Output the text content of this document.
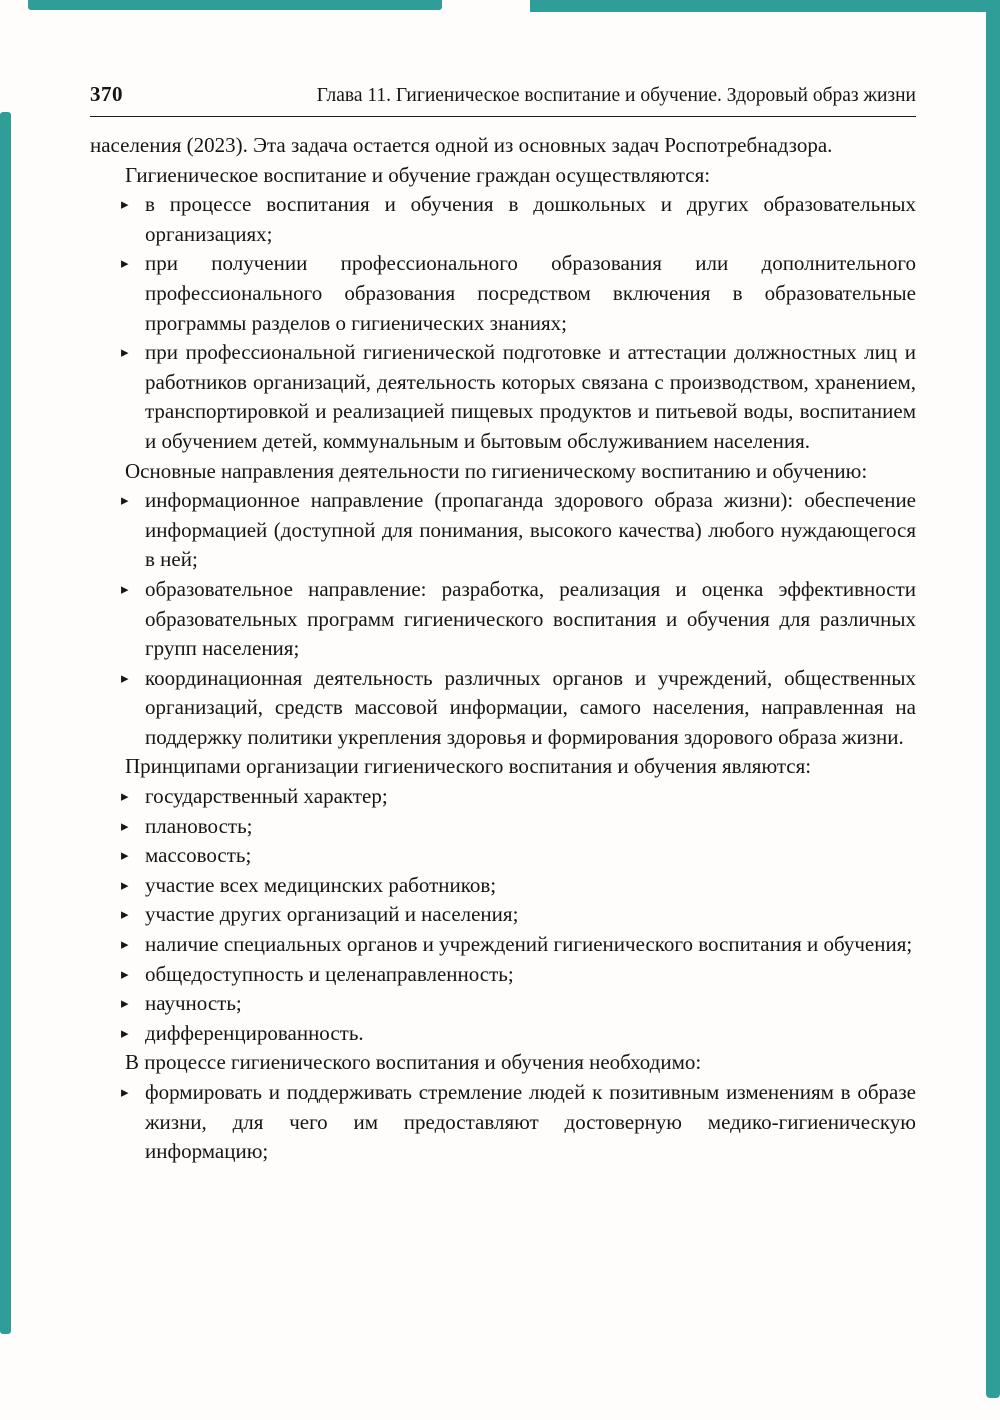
370	Глава 11. Гигиеническое воспитание и обучение. Здоровый образ жизни

населения (2023). Эта задача остается одной из основных задач Роспотребнадзора.

Гигиеническое воспитание и обучение граждан осуществляются:

▸ в процессе воспитания и обучения в дошкольных и других образовательных организациях;
▸ при получении профессионального образования или дополнительного профессионального образования посредством включения в образовательные программы разделов о гигиенических знаниях;
▸ при профессиональной гигиенической подготовке и аттестации должностных лиц и работников организаций, деятельность которых связана с производством, хранением, транспортировкой и реализацией пищевых продуктов и питьевой воды, воспитанием и обучением детей, коммунальным и бытовым обслуживанием населения.

Основные направления деятельности по гигиеническому воспитанию и обучению:

▸ информационное направление (пропаганда здорового образа жизни): обеспечение информацией (доступной для понимания, высокого качества) любого нуждающегося в ней;
▸ образовательное направление: разработка, реализация и оценка эффективности образовательных программ гигиенического воспитания и обучения для различных групп населения;
▸ координационная деятельность различных органов и учреждений, общественных организаций, средств массовой информации, самого населения, направленная на поддержку политики укрепления здоровья и формирования здорового образа жизни.

Принципами организации гигиенического воспитания и обучения являются:

▸ государственный характер;
▸ плановость;
▸ массовость;
▸ участие всех медицинских работников;
▸ участие других организаций и населения;
▸ наличие специальных органов и учреждений гигиенического воспитания и обучения;
▸ общедоступность и целенаправленность;
▸ научность;
▸ дифференцированность.

В процессе гигиенического воспитания и обучения необходимо:

▸ формировать и поддерживать стремление людей к позитивным изменениям в образе жизни, для чего им предоставляют достоверную медико-гигиеническую информацию;
